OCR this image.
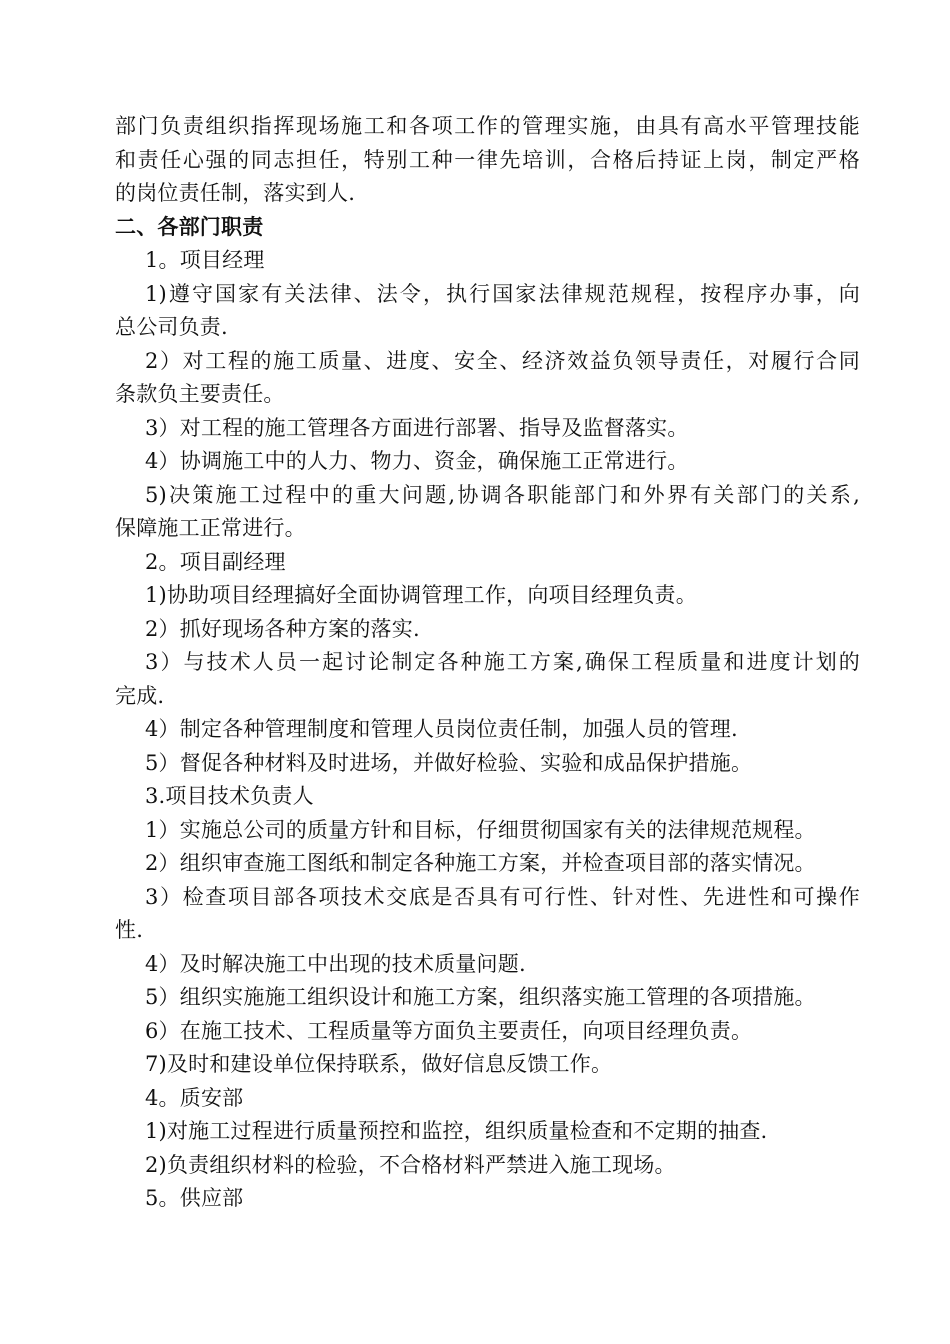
部门负责组织指挥现场施工和各项工作的管理实施，由具有高水平管理技能
和责任心强的同志担任，特别工种一律先培训，合格后持证上岗，制定严格
的岗位责任制，落实到人.
二、各部门职责
1。项目经理
1)遵守国家有关法律、法令，执行国家法律规范规程，按程序办事，向
总公司负责.
2）对工程的施工质量、进度、安全、经济效益负领导责任，对履行合同
条款负主要责任。
3）对工程的施工管理各方面进行部署、指导及监督落实。
4）协调施工中的人力、物力、资金，确保施工正常进行。
5)决策施工过程中的重大问题,协调各职能部门和外界有关部门的关系,
保障施工正常进行。
2。项目副经理
1)协助项目经理搞好全面协调管理工作，向项目经理负责。
2）抓好现场各种方案的落实.
3）与技术人员一起讨论制定各种施工方案,确保工程质量和进度计划的
完成.
4）制定各种管理制度和管理人员岗位责任制，加强人员的管理.
5）督促各种材料及时进场，并做好检验、实验和成品保护措施。
3.项目技术负责人
1）实施总公司的质量方针和目标，仔细贯彻国家有关的法律规范规程。
2）组织审查施工图纸和制定各种施工方案，并检查项目部的落实情况。
3）检查项目部各项技术交底是否具有可行性、针对性、先进性和可操作
性.
4）及时解决施工中出现的技术质量问题.
5）组织实施施工组织设计和施工方案，组织落实施工管理的各项措施。
6）在施工技术、工程质量等方面负主要责任，向项目经理负责。
7)及时和建设单位保持联系，做好信息反馈工作。
4。质安部
1)对施工过程进行质量预控和监控，组织质量检查和不定期的抽查.
2)负责组织材料的检验，不合格材料严禁进入施工现场。
5。供应部
